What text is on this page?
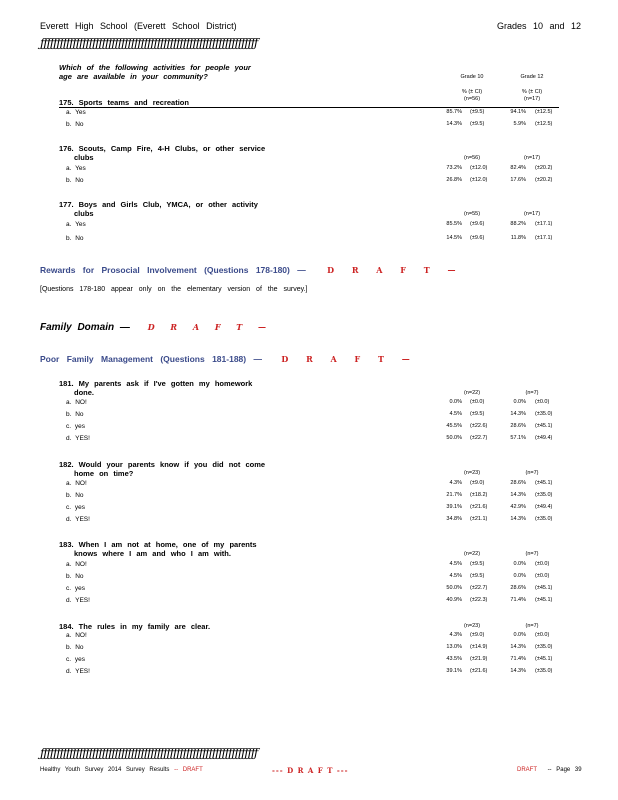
Everett High School (Everett School District)	Grades 10 and 12
ƒƒƒƒƒƒƒƒƒƒƒƒƒƒƒƒƒƒƒƒƒƒƒƒƒƒƒƒƒƒƒƒƒƒƒƒƒƒƒƒƒƒƒƒƒƒƒƒƒƒƒƒƒƒƒƒƒƒƒƒƒƒƒƒƒƒƒ
Which of the following activities for people your
age are available in your community?	Grade 10	Grade 12
% (± CI)	% (± CI)
(n=56)	(n=17)
175. Sports teams and recreation
a. Yes	85.7% (±9.5)	94.1% (±12.5)
b. No	14.3% (±9.5)	5.9% (±12.5)
176. Scouts, Camp Fire, 4-H Clubs, or other service
clubs	(n=56)	(n=17)
a. Yes	73.2% (±12.0)	82.4% (±20.2)
b. No	26.8% (±12.0)	17.6% (±20.2)
177. Boys and Girls Club, YMCA, or other activity
clubs	(n=55)	(n=17)
a. Yes	85.5% (±9.6)	88.2% (±17.1)
b. No	14.5% (±9.6)	11.8% (±17.1)
Rewards for Prosocial Involvement (Questions 178-180) —	D R A F T —
[Questions 178-180 appear only on the elementary version of the survey.]
Family Domain — D R A F T —
Poor Family Management (Questions 181-188) — D R A F T —
181. My parents ask if I've gotten my homework
done.	(n=22)	(n=7)
a. NO!	0.0% (±0.0)	0.0% (±0.0)
b. No	4.5% (±9.5)	14.3% (±35.0)
c. yes	45.5% (±22.6)	28.6% (±45.1)
d. YES!	50.0% (±22.7)	57.1% (±49.4)
182. Would your parents know if you did not come
home on time?	(n=23)	(n=7)
a. NO!	4.3% (±9.0)	28.6% (±45.1)
b. No	21.7% (±18.2)	14.3% (±35.0)
c. yes	39.1% (±21.6)	42.9% (±49.4)
d. YES!	34.8% (±21.1)	14.3% (±35.0)
183. When I am not at home, one of my parents
knows where I am and who I am with.	(n=22)	(n=7)
a. NO!	4.5% (±9.5)	0.0% (±0.0)
b. No	4.5% (±9.5)	0.0% (±0.0)
c. yes	50.0% (±22.7)	28.6% (±45.1)
d. YES!	40.9% (±22.3)	71.4% (±45.1)
184. The rules in my family are clear.	(n=23)	(n=7)
a. NO!	4.3% (±9.0)	0.0% (±0.0)
b. No	13.0% (±14.9)	14.3% (±35.0)
c. yes	43.5% (±21.9)	71.4% (±45.1)
d. YES!	39.1% (±21.6)	14.3% (±35.0)
ƒƒƒƒƒƒƒƒƒƒƒƒƒƒƒƒƒƒƒƒƒƒƒƒƒƒƒƒƒƒƒƒƒƒƒƒƒƒƒƒƒƒƒƒƒƒƒƒƒƒƒƒƒƒƒƒƒƒƒƒƒƒƒƒƒƒƒ
Healthy Youth Survey 2014 Survey Results -- DRAFT	--- D R A F T ---	DRAFT -- Page 39
